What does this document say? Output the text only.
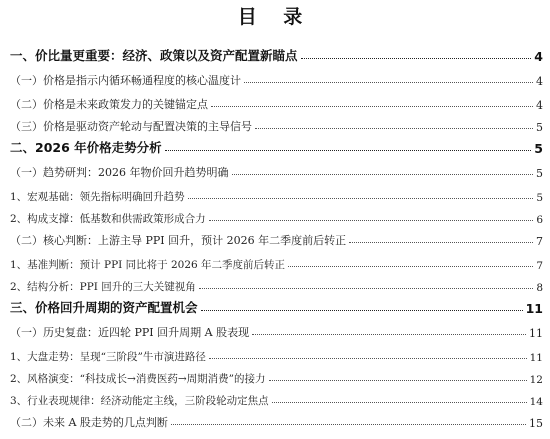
目 录
一、价比量更重要：经济、政策以及资产配置新瞄点	4
（一）价格是指示内循环畅通程度的核心温度计	4
（二）价格是未来政策发力的关键锚定点	4
（三）价格是驱动资产轮动与配置决策的主导信号	5
二、2026 年价格走势分析	5
（一）趋势研判：2026 年物价回升趋势明确	5
1、宏观基础：领先指标明确回升趋势	5
2、构成支撑：低基数和供需政策形成合力	6
（二）核心判断：上游主导 PPI 回升，预计 2026 年二季度前后转正	7
1、基准判断：预计 PPI 同比将于 2026 年二季度前后转正	7
2、结构分析：PPI 回升的三大关键视角	8
三、价格回升周期的资产配置机会	11
（一）历史复盘：近四轮 PPI 回升周期 A 股表现	11
1、大盘走势：呈现“三阶段”牛市演进路径	11
2、风格演变：“科技成长→消费医药→周期消费”的接力	12
3、行业表现规律：经济动能定主线，三阶段轮动定焦点	14
（二）未来 A 股走势的几点判断	15
